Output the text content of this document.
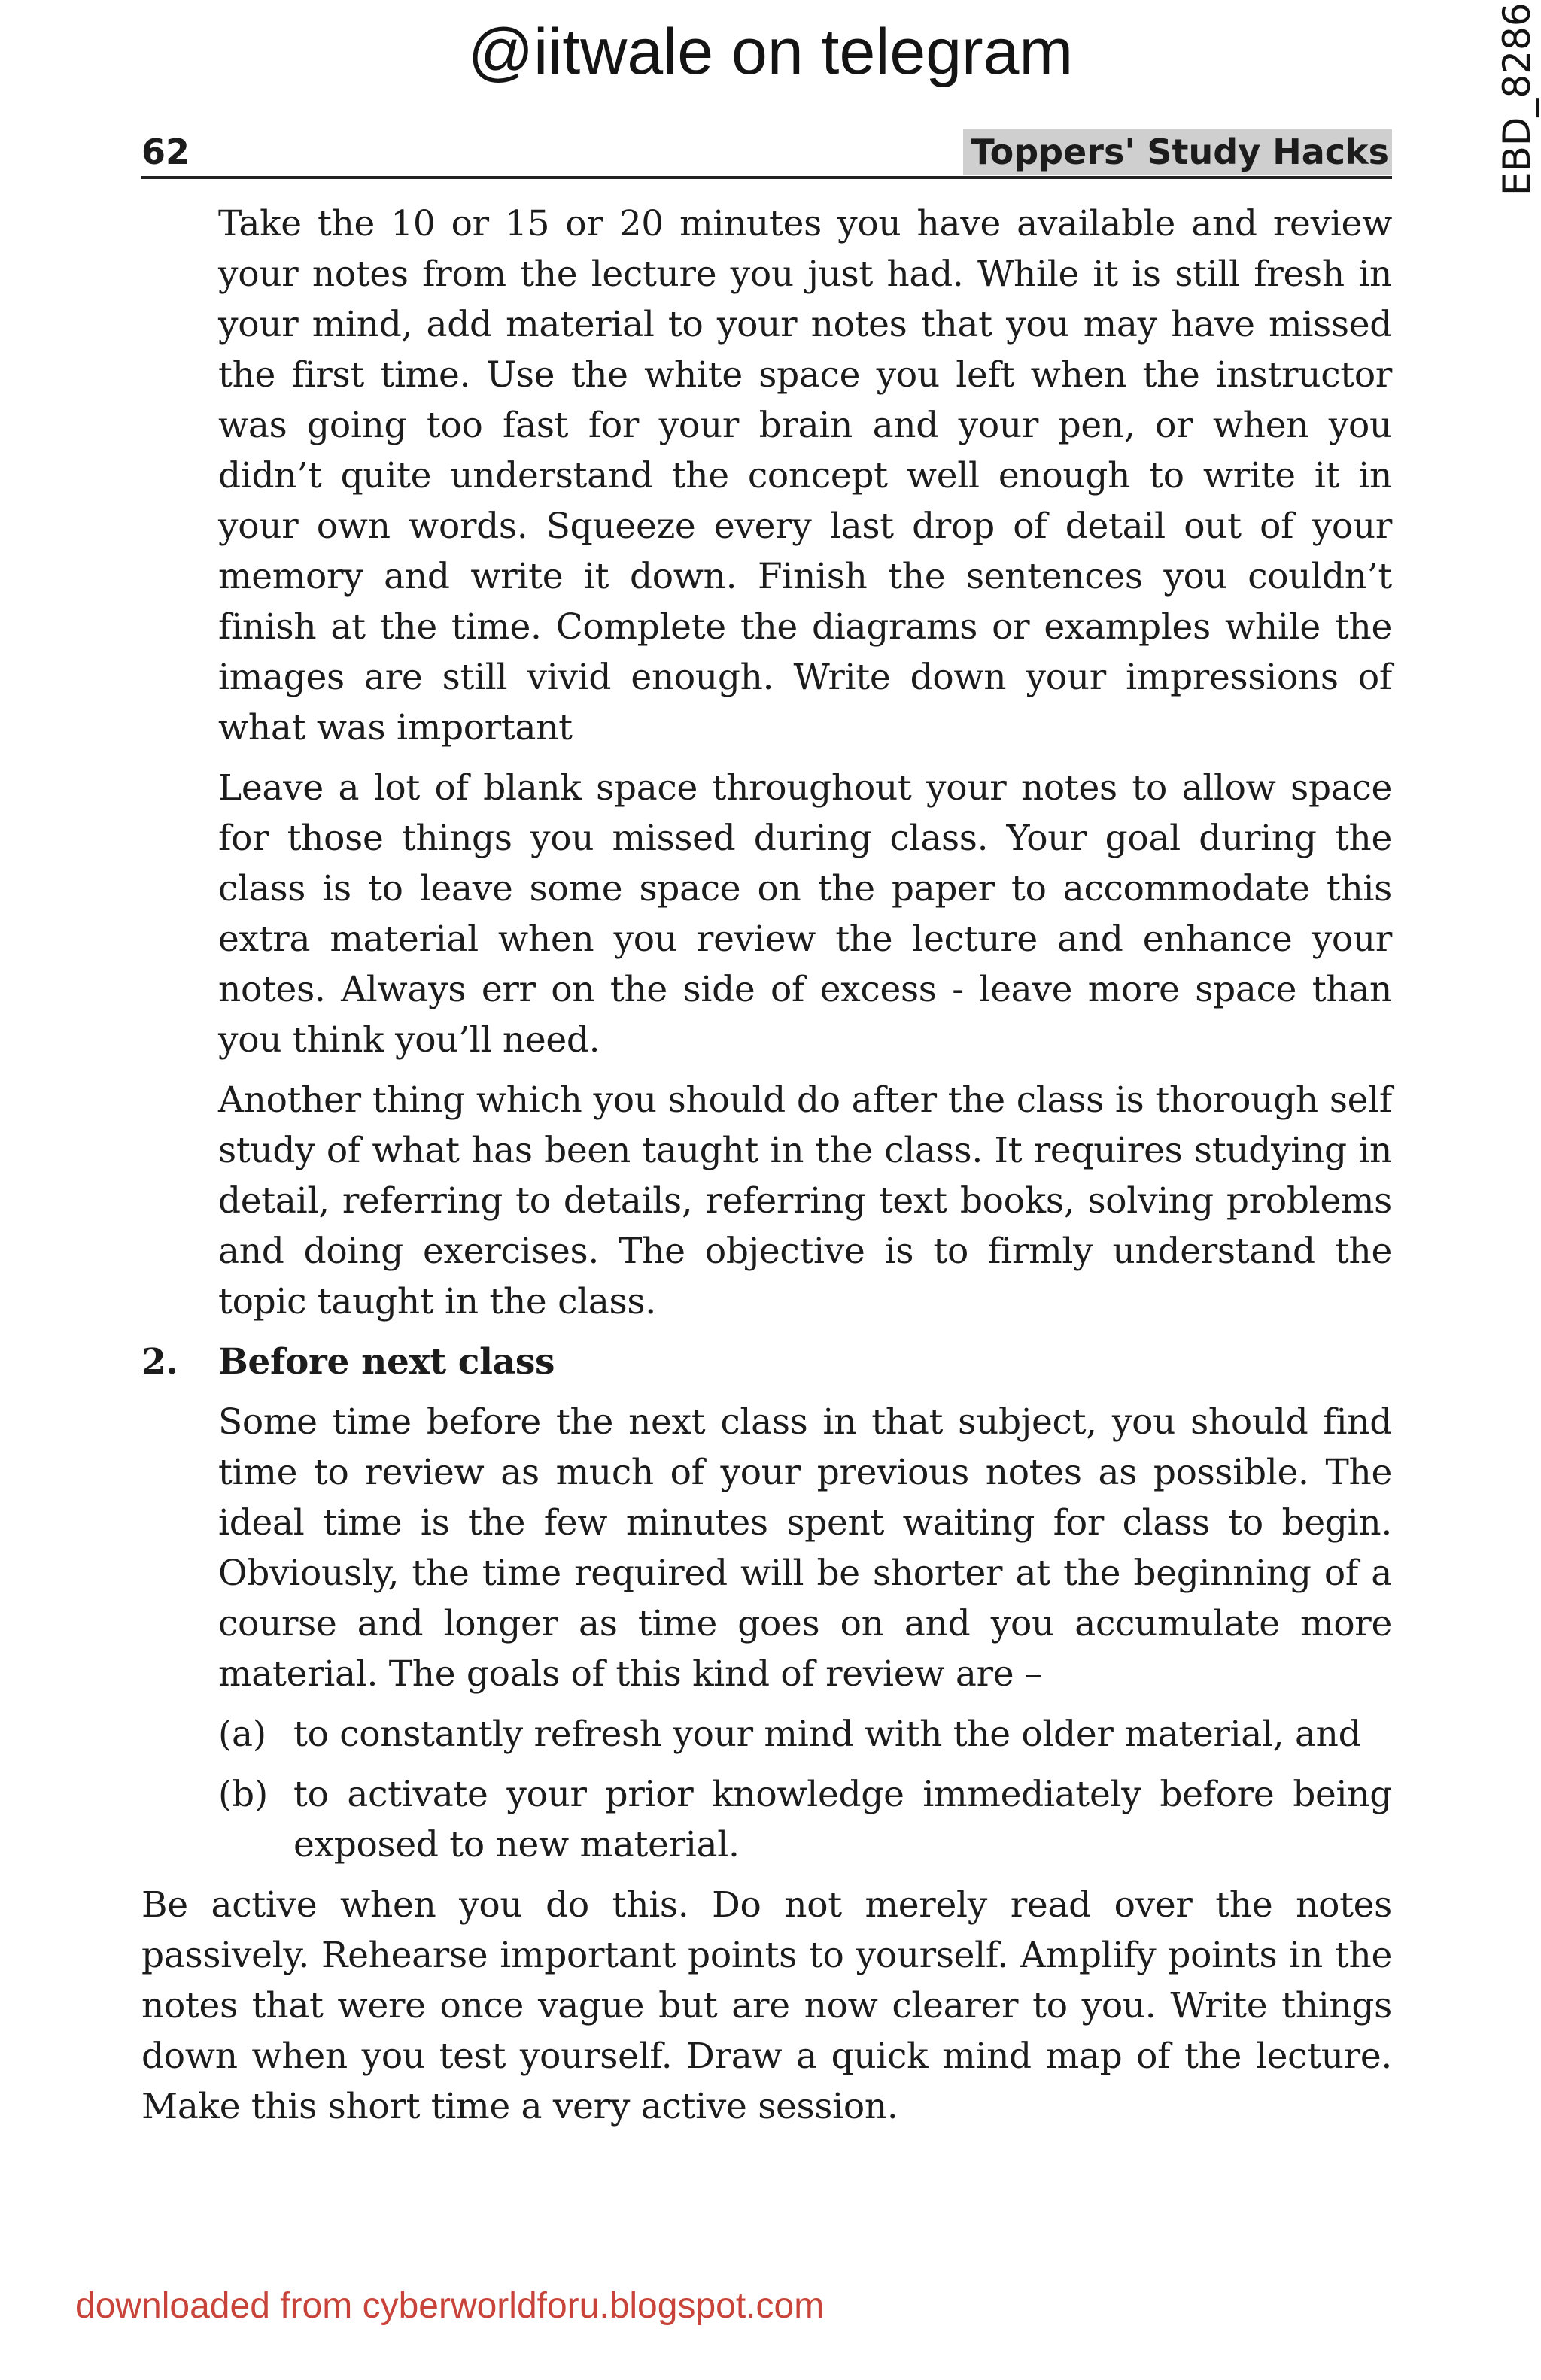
@iitwale on telegram	EBD_8286
62	Toppers' Study Hacks

Take the 10 or 15 or 20 minutes you have available and review your notes from the lecture you just had. While it is still fresh in your mind, add material to your notes that you may have missed the first time. Use the white space you left when the instructor was going too fast for your brain and your pen, or when you didn’t quite understand the concept well enough to write it in your own words. Squeeze every last drop of detail out of your memory and write it down. Finish the sentences you couldn’t finish at the time. Complete the diagrams or examples while the images are still vivid enough. Write down your impressions of what was important

Leave a lot of blank space throughout your notes to allow space for those things you missed during class. Your goal during the class is to leave some space on the paper to accommodate this extra material when you review the lecture and enhance your notes. Always err on the side of excess - leave more space than you think you’ll need.

Another thing which you should do after the class is thorough self study of what has been taught in the class. It requires studying in detail, referring to details, referring text books, solving problems and doing exercises. The objective is to firmly understand the topic taught in the class.

2.	Before next class

Some time before the next class in that subject, you should find time to review as much of your previous notes as possible. The ideal time is the few minutes spent waiting for class to begin. Obviously, the time required will be shorter at the beginning of a course and longer as time goes on and you accumulate more material. The goals of this kind of review are –

(a) to constantly refresh your mind with the older material, and
(b) to activate your prior knowledge immediately before being exposed to new material.

Be active when you do this. Do not merely read over the notes passively. Rehearse important points to yourself. Amplify points in the notes that were once vague but are now clearer to you. Write things down when you test yourself. Draw a quick mind map of the lecture. Make this short time a very active session.

downloaded from cyberworldforu.blogspot.com
